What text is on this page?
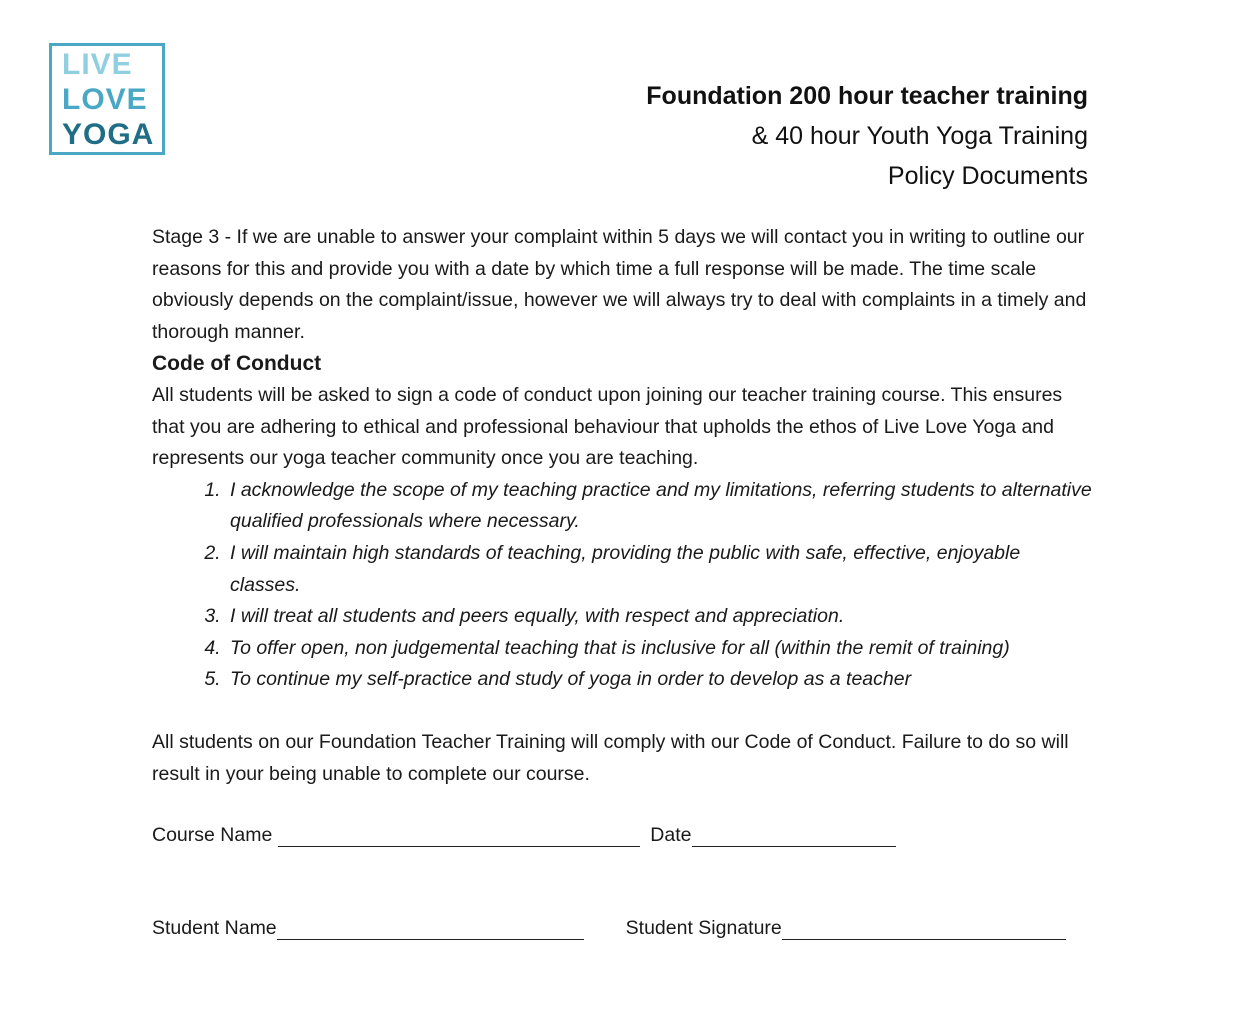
LIVE
LOVE
YOGA
Foundation 200 hour teacher training
& 40 hour Youth Yoga Training
Policy Documents

Stage 3 - If we are unable to answer your complaint within 5 days we will contact you in writing to outline our reasons for this and provide you with a date by which time a full response will be made. The time scale obviously depends on the complaint/issue, however we will always try to deal with complaints in a timely and thorough manner.

Code of Conduct

All students will be asked to sign a code of conduct upon joining our teacher training course. This ensures that you are adhering to ethical and professional behaviour that upholds the ethos of Live Love Yoga and represents our yoga teacher community once you are teaching.

1. I acknowledge the scope of my teaching practice and my limitations, referring students to alternative qualified professionals where necessary.
2. I will maintain high standards of teaching, providing the public with safe, effective, enjoyable classes.
3. I will treat all students and peers equally, with respect and appreciation.
4. To offer open, non judgemental teaching that is inclusive for all (within the remit of training)
5. To continue my self-practice and study of yoga in order to develop as a teacher

All students on our Foundation Teacher Training will comply with our Code of Conduct. Failure to do so will result in your being unable to complete our course.

Course Name	Date
Student Name	Student Signature
